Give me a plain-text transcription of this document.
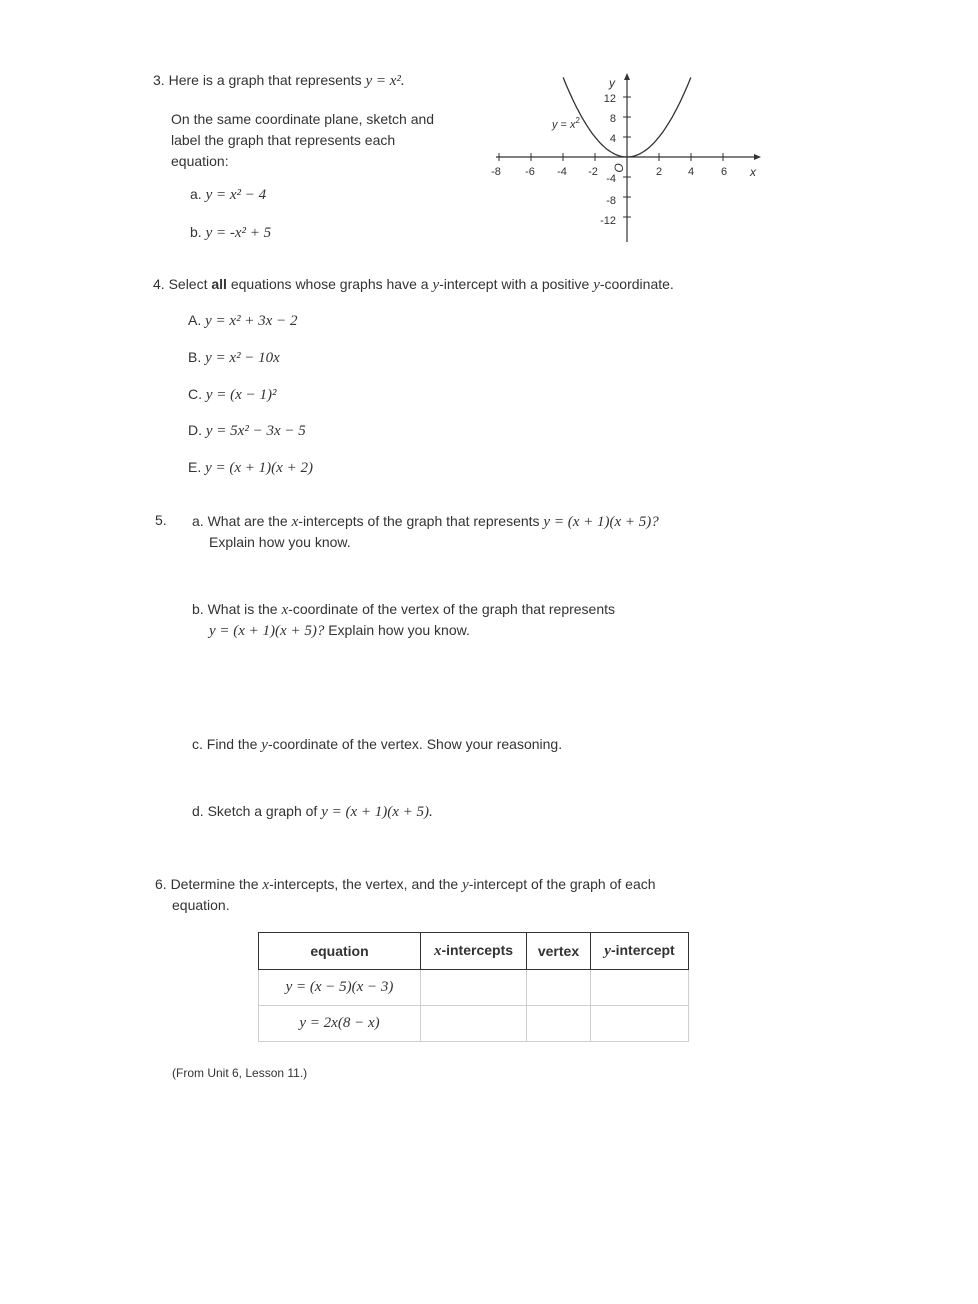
3. Here is a graph that represents y = x².
On the same coordinate plane, sketch and
label the graph that represents each
equation:
a. y = x² − 4
b. y = -x² + 5
-8 -6 -4 -2	2 4 6 x
12
8
4
-4
-8
-12
y
O
$y = x^2$
4. Select all equations whose graphs have a y-intercept with a positive y-coordinate.
A. y = x² + 3x − 2
B. y = x² − 10x
C. y = (x − 1)²
D. y = 5x² − 3x − 5
E. y = (x + 1)(x + 2)
5. a. What are the x-intercepts of the graph that represents y = (x + 1)(x + 5)?
Explain how you know.
b. What is the x-coordinate of the vertex of the graph that represents
y = (x + 1)(x + 5)? Explain how you know.
c. Find the y-coordinate of the vertex. Show your reasoning.
d. Sketch a graph of y = (x + 1)(x + 5).
6. Determine the x-intercepts, the vertex, and the y-intercept of the graph of each
equation.
equation	x-intercepts	vertex	y-intercept
y = (x − 5)(x − 3)			
y = 2x(8 − x)			
(From Unit 6, Lesson 11.)
